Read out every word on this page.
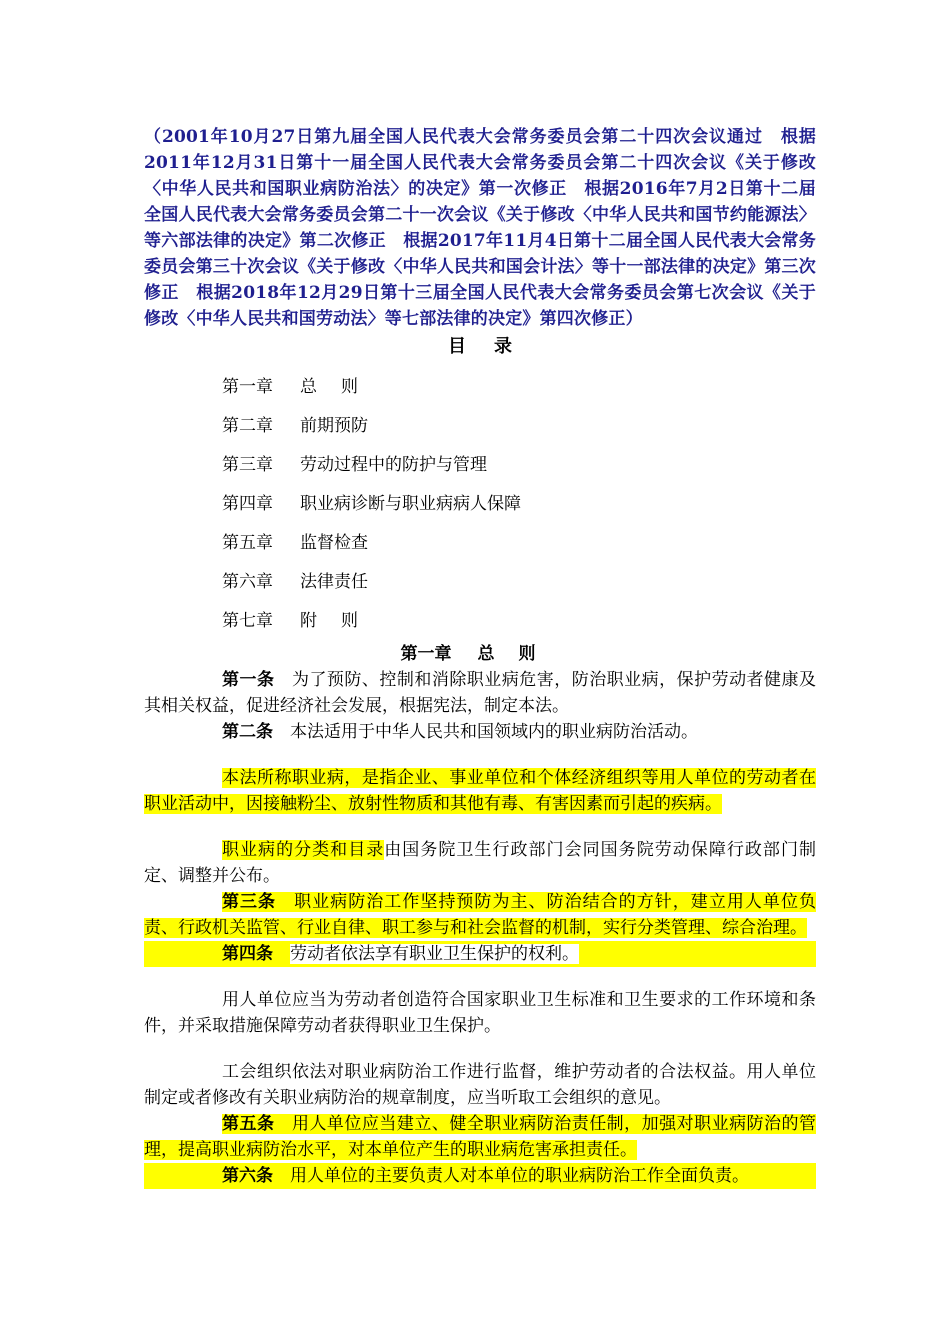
（2001年10月27日第九届全国人民代表大会常务委员会第二十四次会议通过　根据2011年12月31日第十一届全国人民代表大会常务委员会第二十四次会议《关于修改〈中华人民共和国职业病防治法〉的决定》第一次修正　根据2016年7月2日第十二届全国人民代表大会常务委员会第二十一次会议《关于修改〈中华人民共和国节约能源法〉等六部法律的决定》第二次修正　根据2017年11月4日第十二届全国人民代表大会常务委员会第三十次会议《关于修改〈中华人民共和国会计法〉等十一部法律的决定》第三次修正　根据2018年12月29日第十三届全国人民代表大会常务委员会第七次会议《关于修改〈中华人民共和国劳动法〉等七部法律的决定》第四次修正）

目录
第一章 总则
第二章 前期预防
第三章 劳动过程中的防护与管理
第四章 职业病诊断与职业病病人保障
第五章 监督检查
第六章 法律责任
第七章 附则
第一章 总则

第一条 为了预防、控制和消除职业病危害，防治职业病，保护劳动者健康及其相关权益，促进经济社会发展，根据宪法，制定本法。

第二条 本法适用于中华人民共和国领域内的职业病防治活动。

本法所称职业病，是指企业、事业单位和个体经济组织等用人单位的劳动者在职业活动中，因接触粉尘、放射性物质和其他有毒、有害因素而引起的疾病。

职业病的分类和目录由国务院卫生行政部门会同国务院劳动保障行政部门制定、调整并公布。

第三条 职业病防治工作坚持预防为主、防治结合的方针，建立用人单位负责、行政机关监管、行业自律、职工参与和社会监督的机制，实行分类管理、综合治理。

第四条 劳动者依法享有职业卫生保护的权利。

用人单位应当为劳动者创造符合国家职业卫生标准和卫生要求的工作环境和条件，并采取措施保障劳动者获得职业卫生保护。

工会组织依法对职业病防治工作进行监督，维护劳动者的合法权益。用人单位制定或者修改有关职业病防治的规章制度，应当听取工会组织的意见。

第五条 用人单位应当建立、健全职业病防治责任制，加强对职业病防治的管理，提高职业病防治水平，对本单位产生的职业病危害承担责任。

第六条 用人单位的主要负责人对本单位的职业病防治工作全面负责。
